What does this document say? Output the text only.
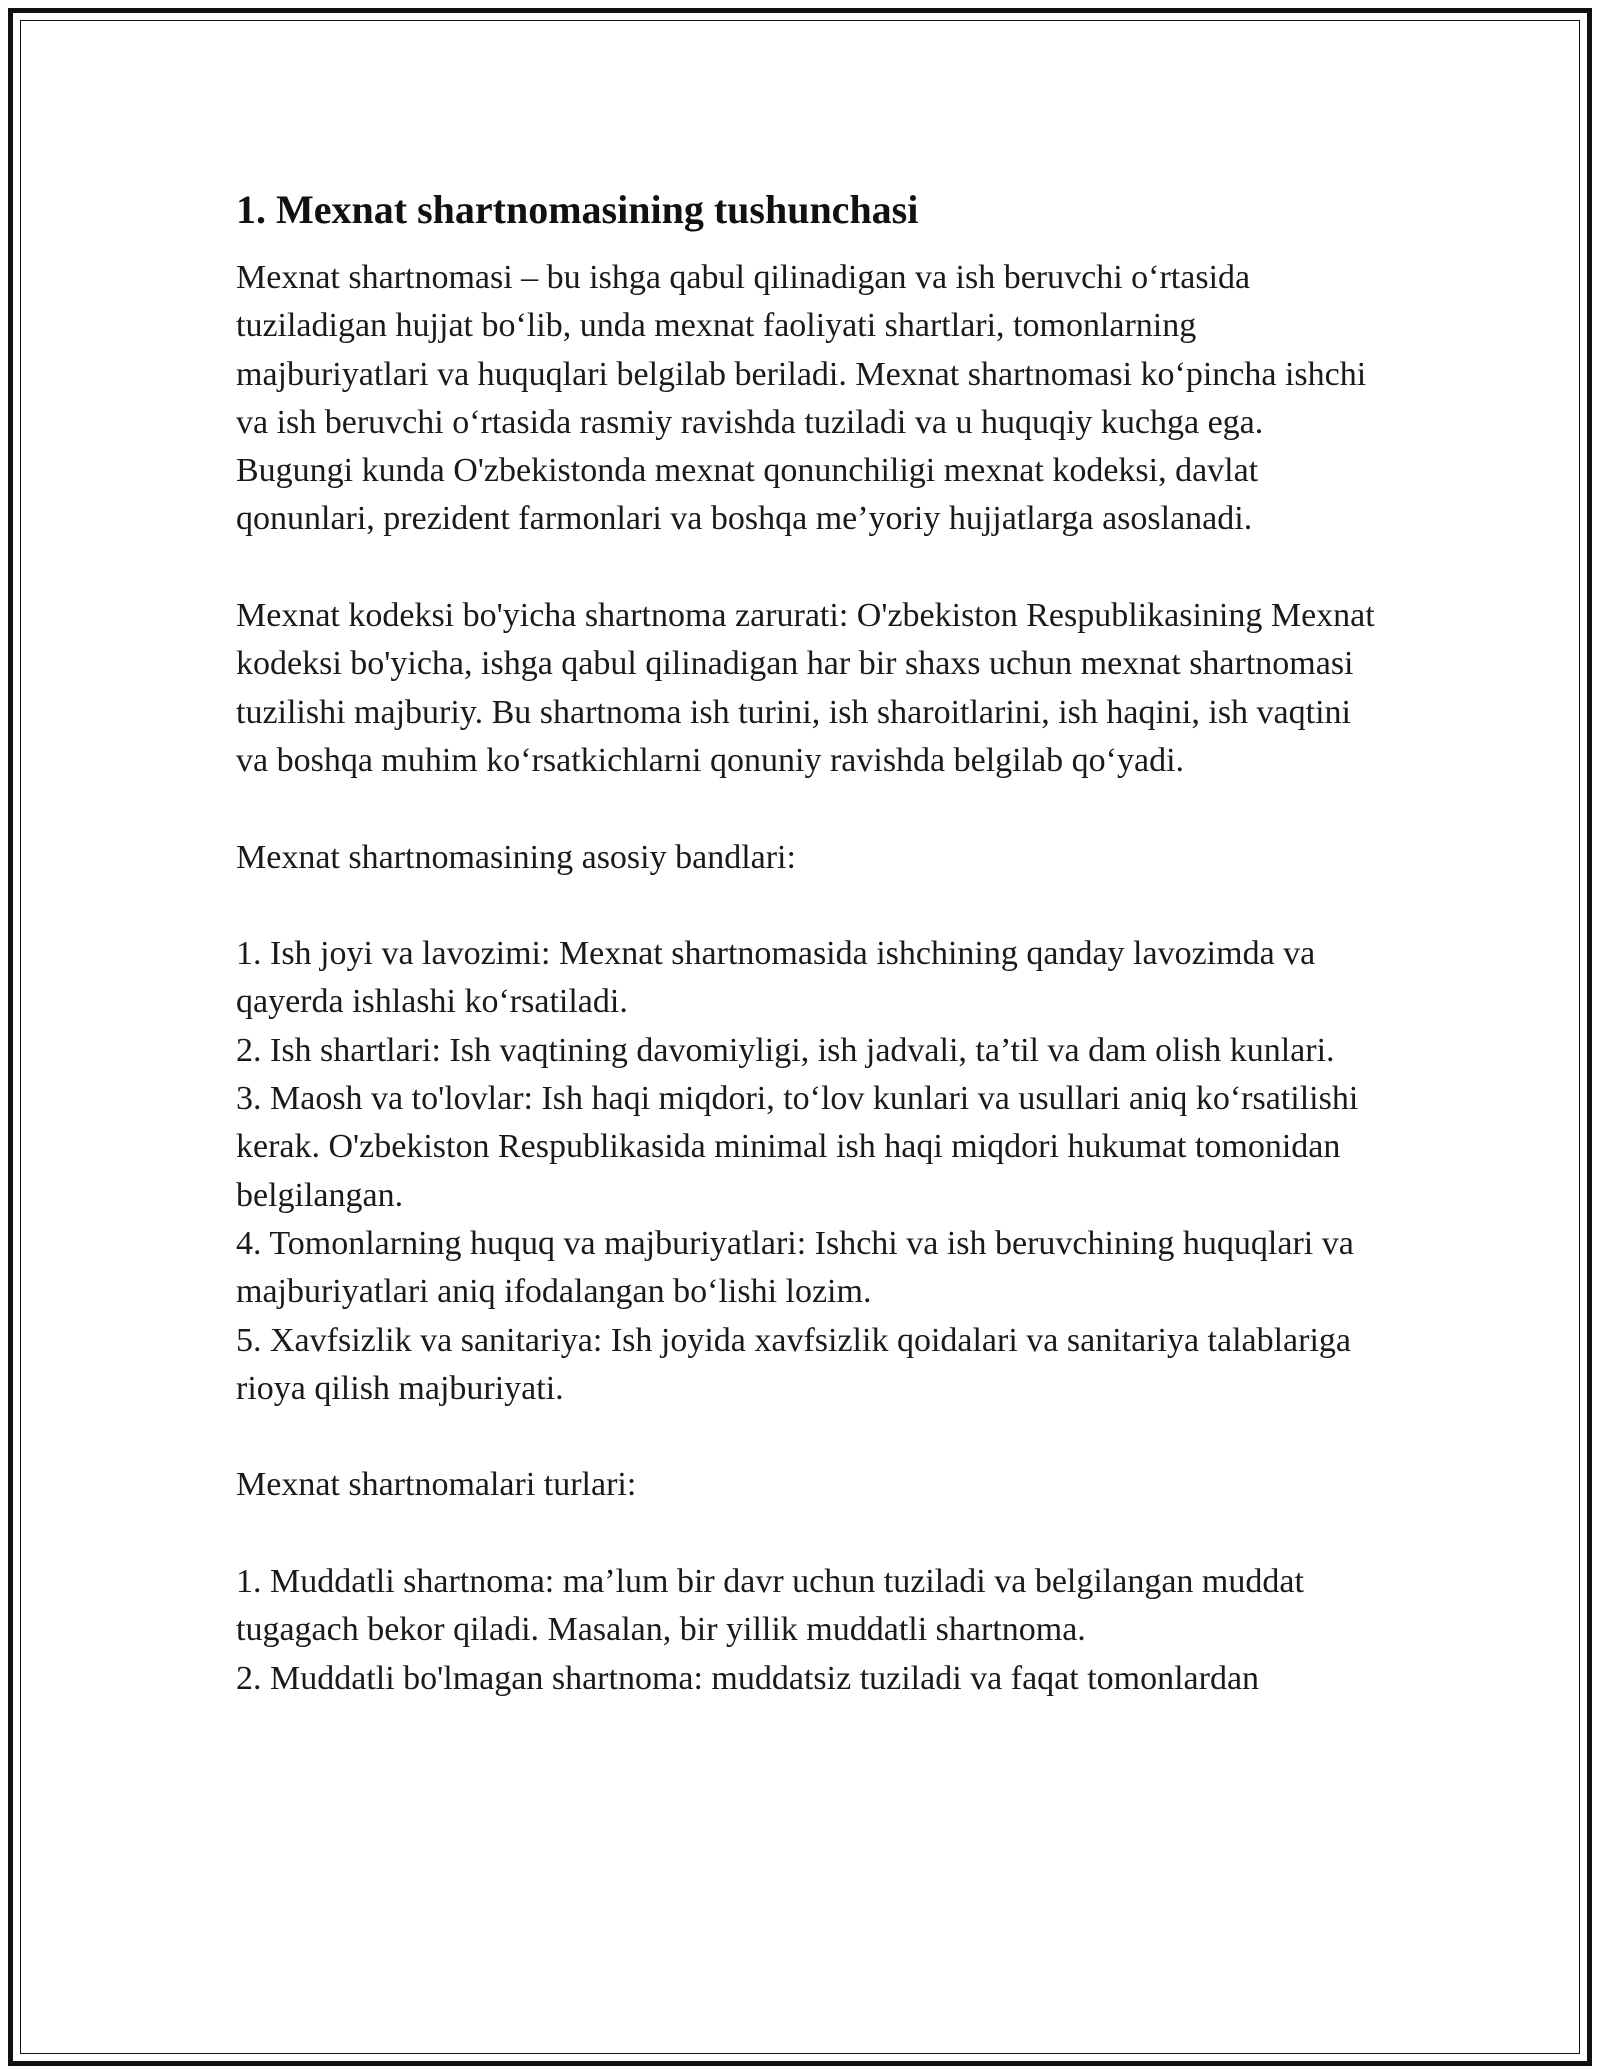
1. Mexnat shartnomasining tushunchasi

Mexnat shartnomasi – bu ishga qabul qilinadigan va ish beruvchi o‘rtasida tuziladigan hujjat bo‘lib, unda mexnat faoliyati shartlari, tomonlarning majburiyatlari va huquqlari belgilab beriladi. Mexnat shartnomasi ko‘pincha ishchi va ish beruvchi o‘rtasida rasmiy ravishda tuziladi va u huquqiy kuchga ega. Bugungi kunda O'zbekistonda mexnat qonunchiligi mexnat kodeksi, davlat qonunlari, prezident farmonlari va boshqa me’yoriy hujjatlarga asoslanadi.

Mexnat kodeksi bo'yicha shartnoma zarurati: O'zbekiston Respublikasining Mexnat kodeksi bo'yicha, ishga qabul qilinadigan har bir shaxs uchun mexnat shartnomasi tuzilishi majburiy. Bu shartnoma ish turini, ish sharoitlarini, ish haqini, ish vaqtini va boshqa muhim ko‘rsatkichlarni qonuniy ravishda belgilab qo‘yadi.

Mexnat shartnomasining asosiy bandlari:

1. Ish joyi va lavozimi: Mexnat shartnomasida ishchining qanday lavozimda va qayerda ishlashi ko‘rsatiladi.

2. Ish shartlari: Ish vaqtining davomiyligi, ish jadvali, ta’til va dam olish kunlari.

3. Maosh va to'lovlar: Ish haqi miqdori, to‘lov kunlari va usullari aniq ko‘rsatilishi kerak. O'zbekiston Respublikasida minimal ish haqi miqdori hukumat tomonidan belgilangan.

4. Tomonlarning huquq va majburiyatlari: Ishchi va ish beruvchining huquqlari va majburiyatlari aniq ifodalangan bo‘lishi lozim.

5. Xavfsizlik va sanitariya: Ish joyida xavfsizlik qoidalari va sanitariya talablariga rioya qilish majburiyati.

Mexnat shartnomalari turlari:

1. Muddatli shartnoma: ma’lum bir davr uchun tuziladi va belgilangan muddat tugagach bekor qiladi. Masalan, bir yillik muddatli shartnoma.

2. Muddatli bo'lmagan shartnoma: muddatsiz tuziladi va faqat tomonlardan
